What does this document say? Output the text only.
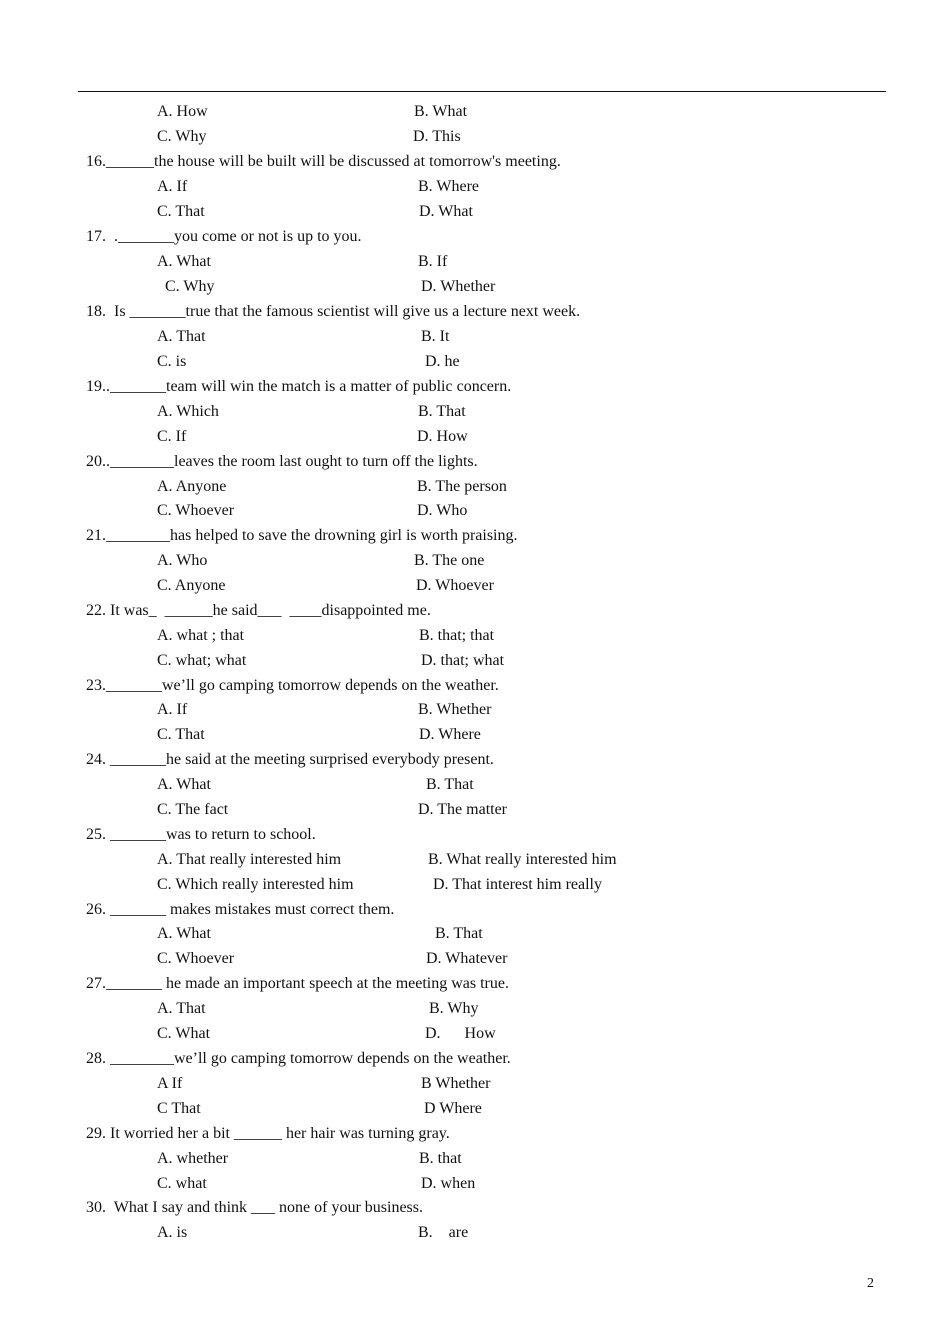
A. How	B. What
C. Why	D. This
16.______the house will be built will be discussed at tomorrow's meeting.
A. If	B. Where
C. That	D. What
17.  ._______you come or not is up to you.
A. What	B. If
C. Why	D. Whether
18.  Is _______true that the famous scientist will give us a lecture next week.
A. That	B. It
C. is	D. he
19.._______team will win the match is a matter of public concern.
A. Which	B. That
C. If	D. How
20..________leaves the room last ought to turn off the lights.
A. Anyone	B. The person
C. Whoever	D. Who
21.________has helped to save the drowning girl is worth praising.
A. Who	B. The one
C. Anyone	D. Whoever
22. It was_  ______he said___  ____disappointed me.
A. what ; that	B. that; that
C. what; what	D. that; what
23._______we’ll go camping tomorrow depends on the weather.
A. If	B. Whether
C. That	D. Where
24. _______he said at the meeting surprised everybody present.
A. What	B. That
C. The fact	D. The matter
25. _______was to return to school.
A. That really interested him	B. What really interested him
C. Which really interested him	D. That interest him really
26. _______ makes mistakes must correct them.
A. What	B. That
C. Whoever	D. Whatever
27._______ he made an important speech at the meeting was true.
A. That	B. Why
C. What	D.      How
28. ________we’ll go camping tomorrow depends on the weather.
A If	B Whether
C That	D Where
29. It worried her a bit ______ her hair was turning gray.
A. whether	B. that
C. what	D. when
30.  What I say and think ___ none of your business.
A. is	B.    are
2
